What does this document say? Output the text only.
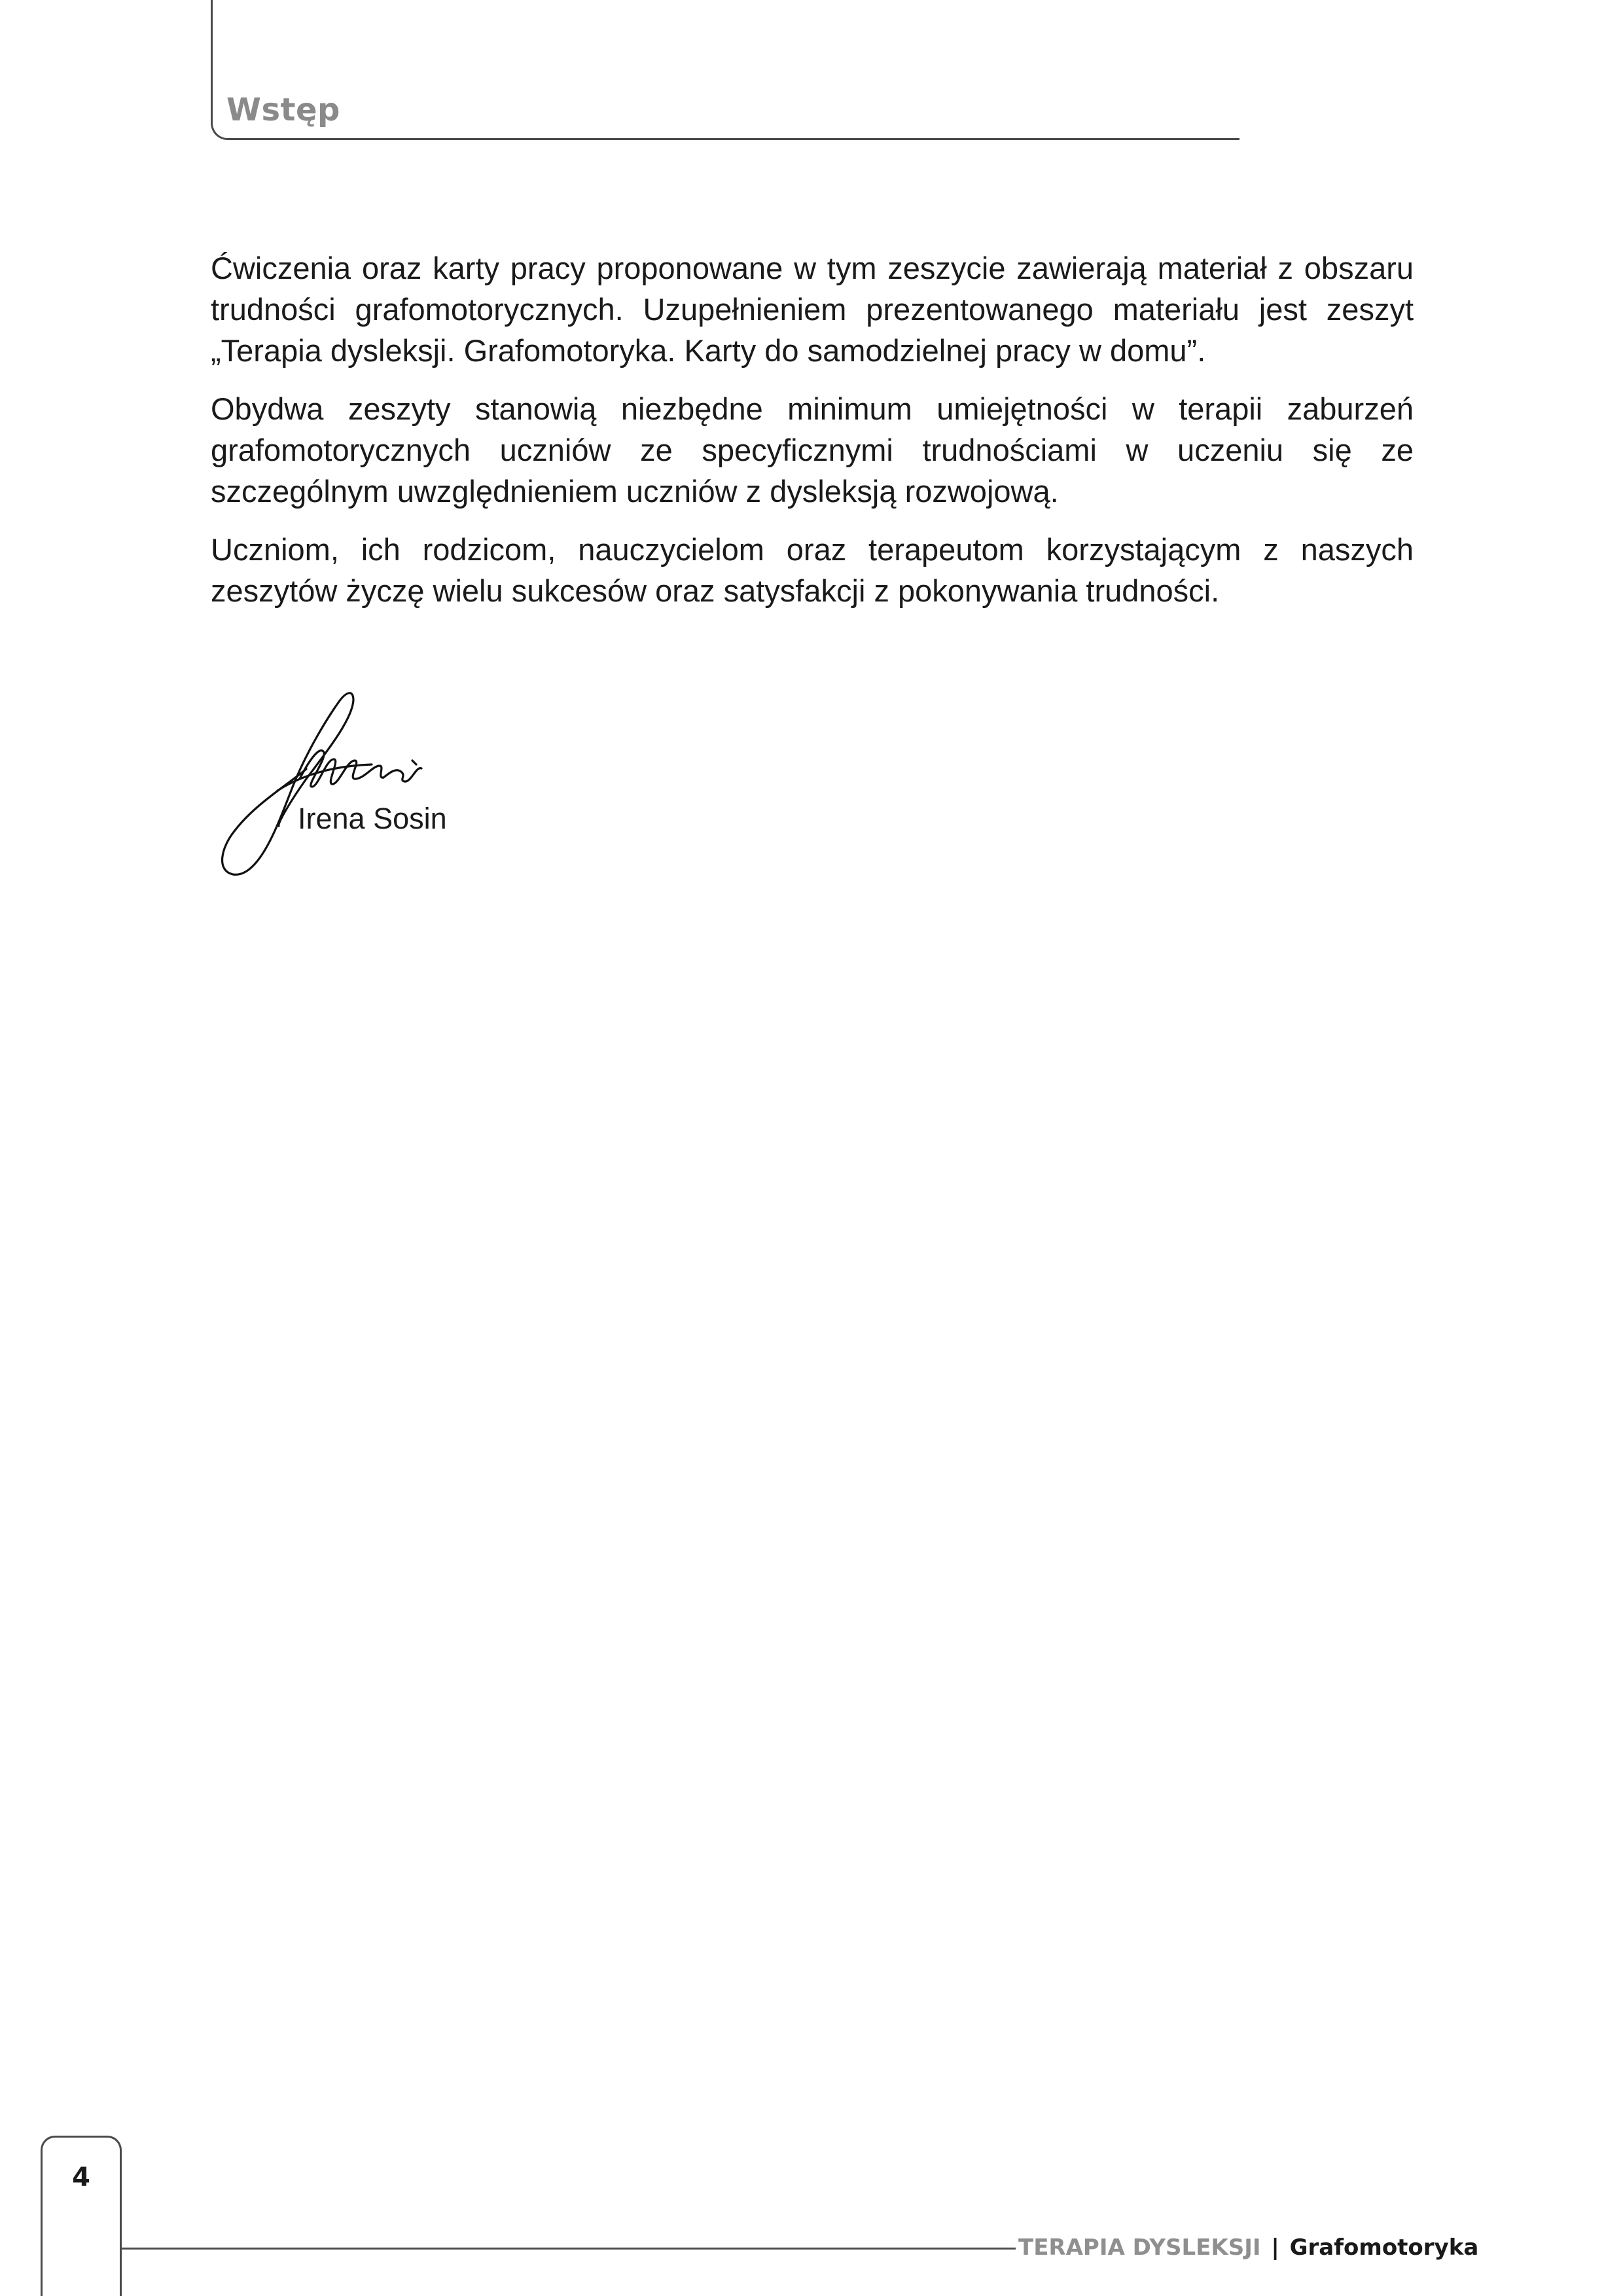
Wstęp

Ćwiczenia oraz karty pracy proponowane w tym zeszycie zawierają materiał z obszaru trudności grafomotorycznych. Uzupełnieniem prezentowanego materiału jest zeszyt „Terapia dysleksji. Grafomotoryka. Karty do samodzielnej pracy w domu”.

Obydwa zeszyty stanowią niezbędne minimum umiejętności w terapii zaburzeń grafomotorycznych uczniów ze specyficznymi trudnościami w uczeniu się ze szczególnym uwzględnieniem uczniów z dysleksją rozwojową.

Uczniom, ich rodzicom, nauczycielom oraz terapeutom korzystającym z naszych zeszytów życzę wielu sukcesów oraz satysfakcji z pokonywania trudności.

Irena Sosin
4
TERAPIA DYSLEKSJI | Grafomotoryka
